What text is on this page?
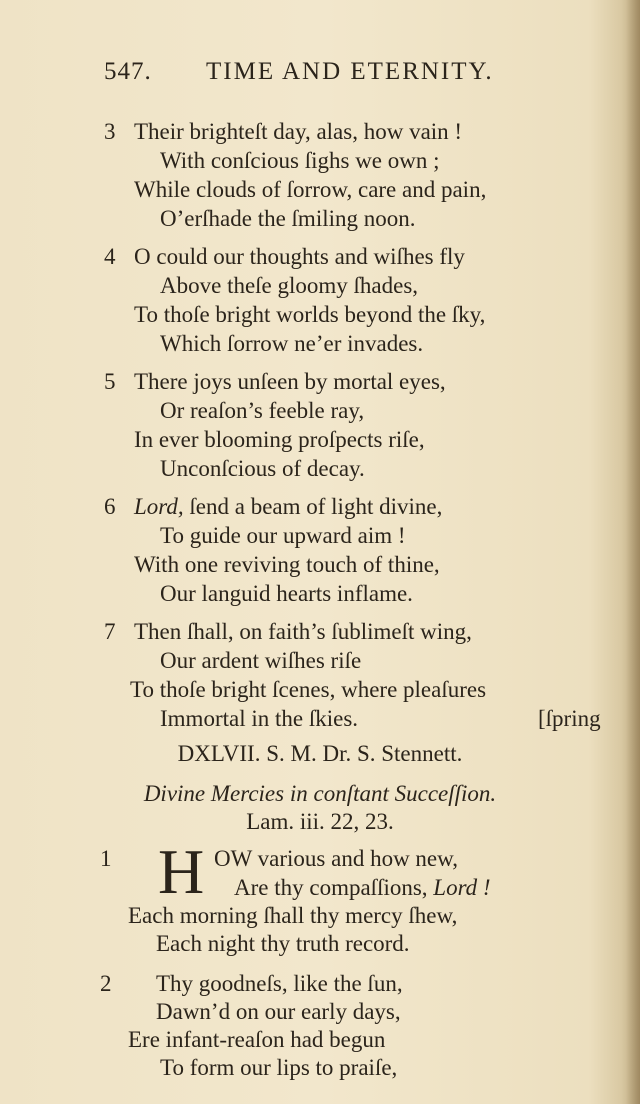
547. TIME AND ETERNITY.
3 Their brighteſt day, alas, how vain !
With conſcious ſighs we own ;
While clouds of ſorrow, care and pain,
O’erſhade the ſmiling noon.
4 O could our thoughts and wiſhes fly
Above theſe gloomy ſhades,
To thoſe bright worlds beyond the ſky,
Which ſorrow ne’er invades.
5 There joys unſeen by mortal eyes,
Or reaſon’s feeble ray,
In ever blooming proſpects riſe,
Unconſcious of decay.
6 Lord, ſend a beam of light divine,
To guide our upward aim !
With one reviving touch of thine,
Our languid hearts inflame.
7 Then ſhall, on faith’s ſublimeſt wing,
Our ardent wiſhes riſe
To thoſe bright ſcenes, where pleaſures
Immortal in the ſkies.	[ſpring
DXLVII. S. M. Dr. S. Stennett.
Divine Mercies in conſtant Succeſſion.
Lam. iii. 22, 23.
1 H OW various and how new,
Are thy compaſſions, Lord !
Each morning ſhall thy mercy ſhew,
Each night thy truth record.
2 Thy goodneſs, like the ſun,
Dawn’d on our early days,
Ere infant-reaſon had begun
To form our lips to praiſe,
